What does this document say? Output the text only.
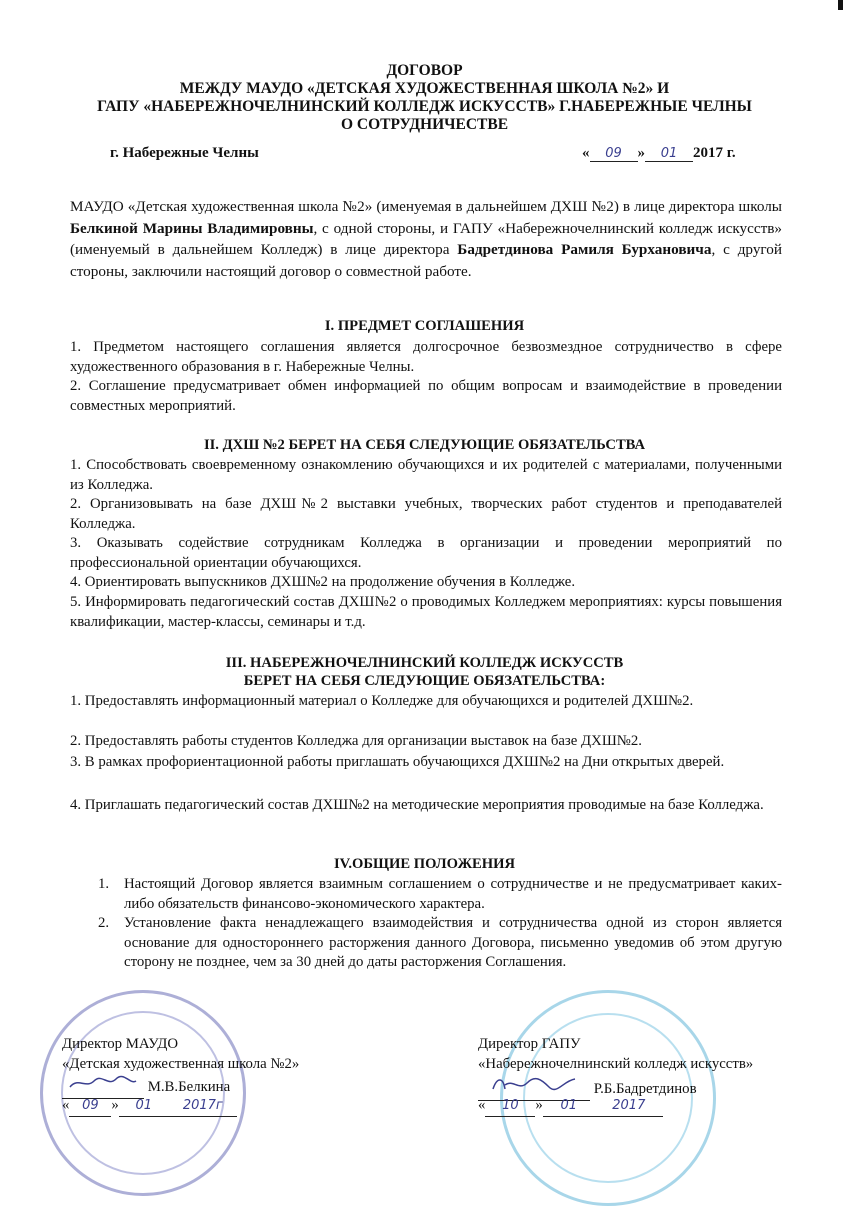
ДОГОВОР
МЕЖДУ МАУДО «ДЕТСКАЯ ХУДОЖЕСТВЕННАЯ ШКОЛА №2» И
ГАПУ «НАБЕРЕЖНОЧЕЛНИНСКИЙ КОЛЛЕДЖ ИСКУССТВ» Г.НАБЕРЕЖНЫЕ ЧЕЛНЫ
О СОТРУДНИЧЕСТВЕ
г. Набережные Челны	« 09 » 01 2017 г.
МАУДО «Детская художественная школа №2» (именуемая в дальнейшем ДХШ №2) в лице директора школы Белкиной Марины Владимировны, с одной стороны, и ГАПУ «Набережночелнинский колледж искусств» (именуемый в дальнейшем Колледж) в лице директора Бадретдинова Рамиля Бурхановича, с другой стороны, заключили настоящий договор о совместной работе.
I. ПРЕДМЕТ СОГЛАШЕНИЯ
1. Предметом настоящего соглашения является долгосрочное безвозмездное сотрудничество в сфере художественного образования в г. Набережные Челны.
2. Соглашение предусматривает обмен информацией по общим вопросам и взаимодействие в проведении совместных мероприятий.
II. ДХШ №2 БЕРЕТ НА СЕБЯ СЛЕДУЮЩИЕ ОБЯЗАТЕЛЬСТВА
1. Способствовать своевременному ознакомлению обучающихся и их родителей с материалами, полученными из Колледжа.
2. Организовывать на базе ДХШ№2 выставки учебных, творческих работ студентов и преподавателей Колледжа.
3. Оказывать содействие сотрудникам Колледжа в организации и проведении мероприятий по профессиональной ориентации обучающихся.
4. Ориентировать выпускников ДХШ№2 на продолжение обучения в Колледже.
5. Информировать педагогический состав ДХШ№2 о проводимых Колледжем мероприятиях: курсы повышения квалификации, мастер-классы, семинары и т.д.
III. НАБЕРЕЖНОЧЕЛНИНСКИЙ КОЛЛЕДЖ ИСКУССТВ
БЕРЕТ НА СЕБЯ СЛЕДУЮЩИЕ ОБЯЗАТЕЛЬСТВА:
1. Предоставлять информационный материал о Колледже для обучающихся и родителей ДХШ№2.
2. Предоставлять работы студентов Колледжа для организации выставок на базе ДХШ№2.
3. В рамках профориентационной работы приглашать обучающихся ДХШ№2 на Дни открытых дверей.
4. Приглашать педагогический состав ДХШ№2 на методические мероприятия проводимые на базе Колледжа.
IV.ОБЩИЕ ПОЛОЖЕНИЯ
1.	Настоящий Договор является взаимным соглашением о сотрудничестве и не предусматривает каких-либо обязательств финансово-экономического характера.
2.	Установление факта ненадлежащего взаимодействия и сотрудничества одной из сторон является основание для одностороннего расторжения данного Договора, письменно уведомив об этом другую сторону не позднее, чем за 30 дней до даты расторжения Соглашения.
Директор МАУДО
«Детская художественная школа №2»
М.В.Белкина
« 09 » 01 2017г
Директор ГАПУ
«Набережночелнинский колледж искусств»
Р.Б.Бадретдинов
« 10 » 01	2017
